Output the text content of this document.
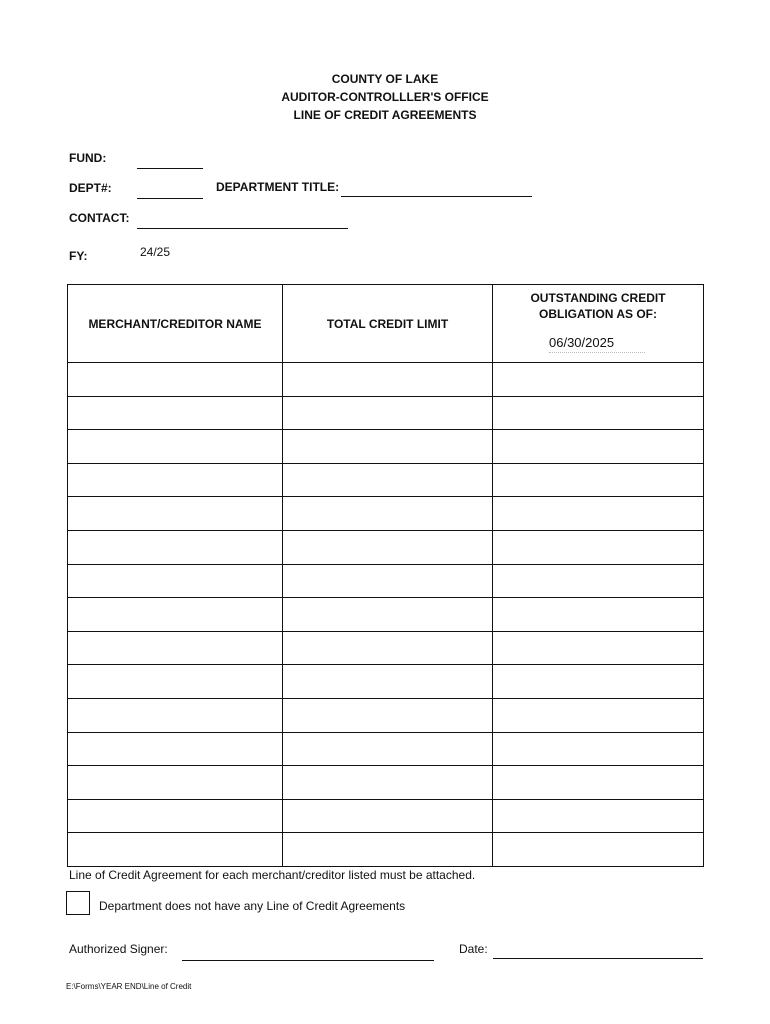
COUNTY OF LAKE
AUDITOR-CONTROLLLER'S OFFICE
LINE OF CREDIT AGREEMENTS
FUND:
DEPT#:	DEPARTMENT TITLE:
CONTACT:
FY:	24/25
MERCHANT/CREDITOR NAME	TOTAL CREDIT LIMIT	OUTSTANDING CREDIT
OBLIGATION AS OF:
06/30/2025

Line of Credit Agreement for each merchant/creditor listed must be attached.
Department does not have any Line of Credit Agreements
Authorized Signer:	Date:
E:\Forms\YEAR END\Line of Credit
